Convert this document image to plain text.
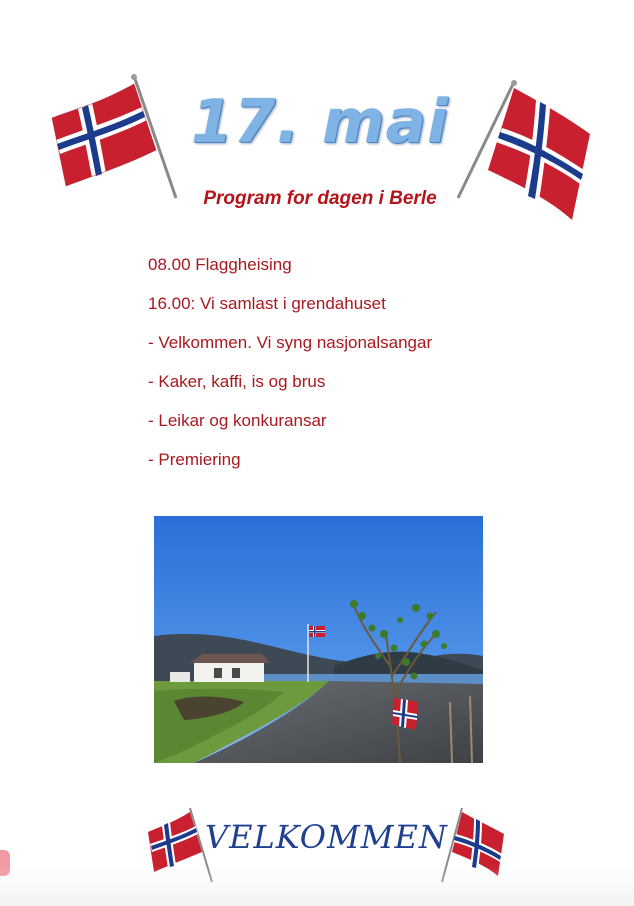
17. mai
Program for dagen i Berle
08.00 Flaggheising
16.00: Vi samlast i grendahuset
- Velkommen. Vi syng nasjonalsangar
- Kaker, kaffi, is og brus
- Leikar og konkuransar
- Premiering
VELKOMMEN
